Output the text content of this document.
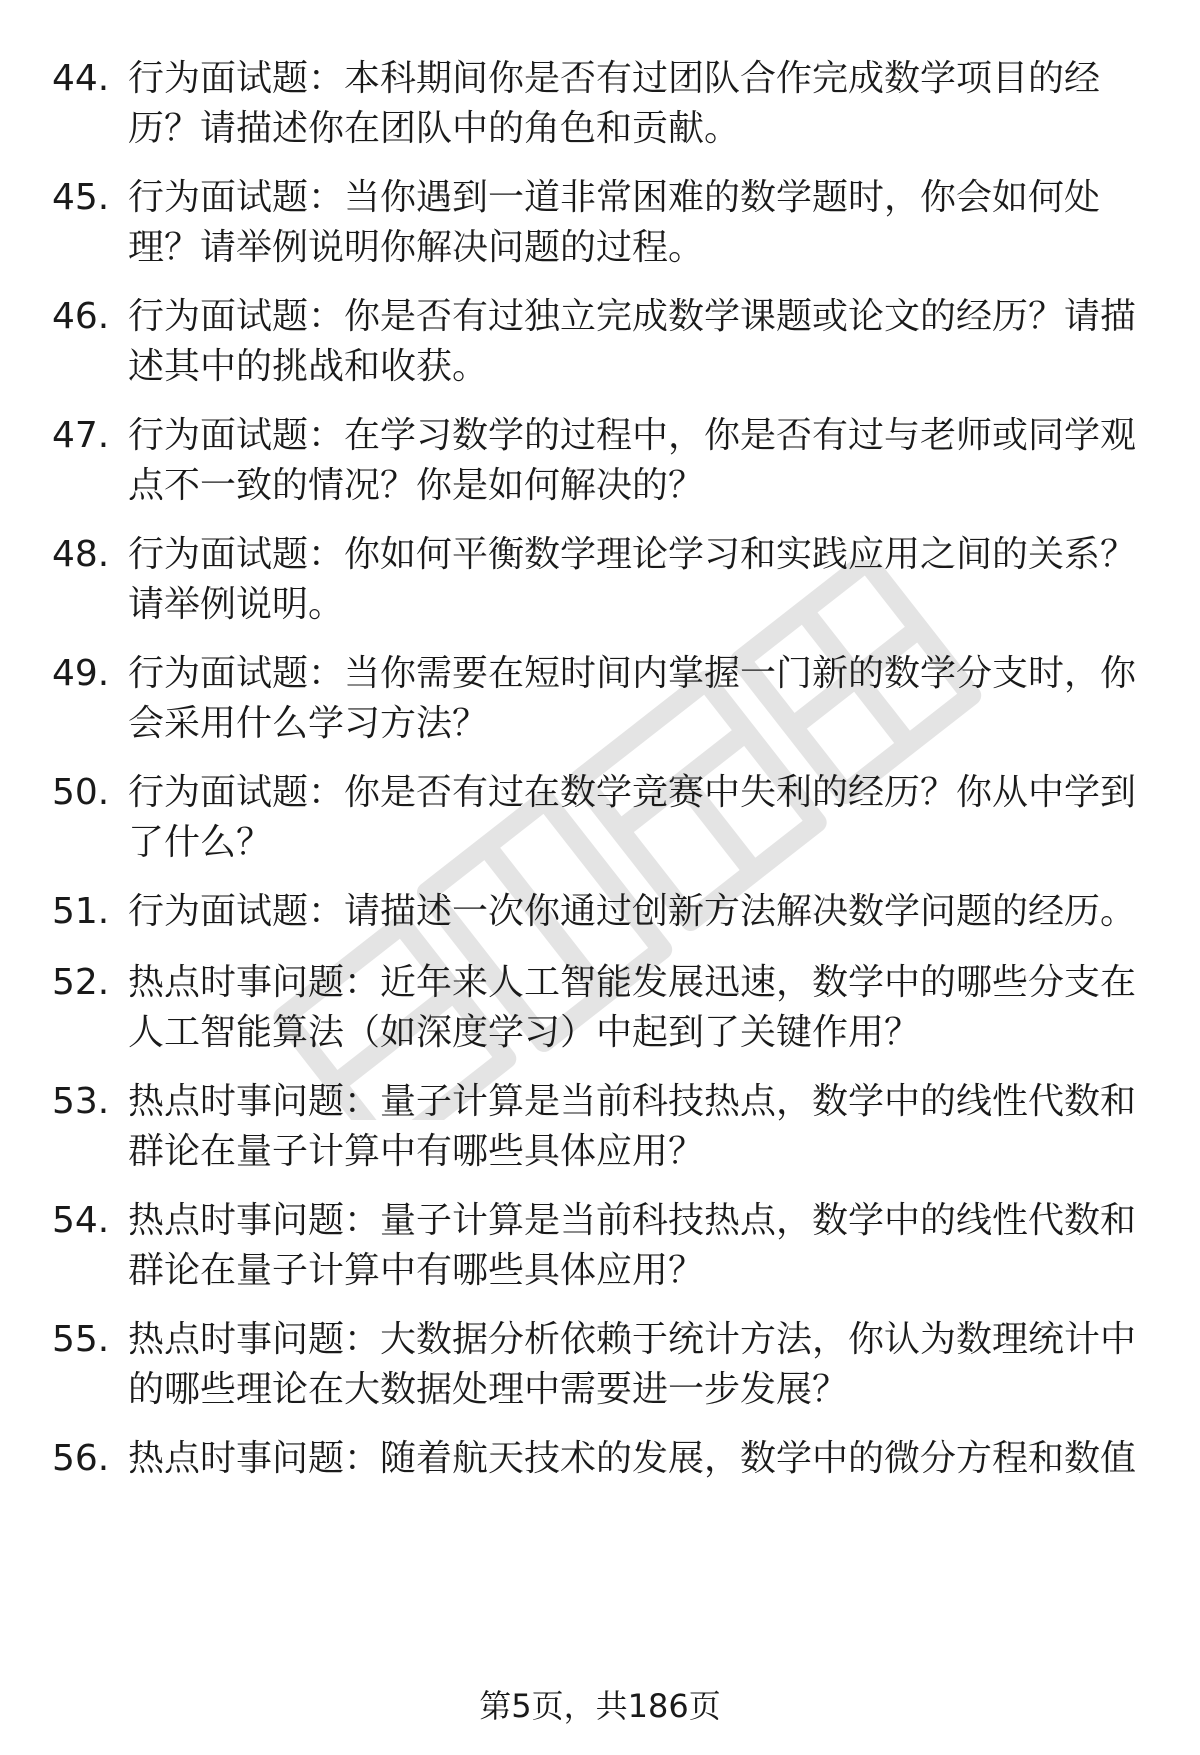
44. 行为面试题：本科期间你是否有过团队合作完成数学项目的经历？请描述你在团队中的角色和贡献。
45. 行为面试题：当你遇到一道非常困难的数学题时，你会如何处理？请举例说明你解决问题的过程。
46. 行为面试题：你是否有过独立完成数学课题或论文的经历？请描述其中的挑战和收获。
47. 行为面试题：在学习数学的过程中，你是否有过与老师或同学观点不一致的情况？你是如何解决的？
48. 行为面试题：你如何平衡数学理论学习和实践应用之间的关系？请举例说明。
49. 行为面试题：当你需要在短时间内掌握一门新的数学分支时，你会采用什么学习方法？
50. 行为面试题：你是否有过在数学竞赛中失利的经历？你从中学到了什么？
51. 行为面试题：请描述一次你通过创新方法解决数学问题的经历。
52. 热点时事问题：近年来人工智能发展迅速，数学中的哪些分支在人工智能算法（如深度学习）中起到了关键作用？
53. 热点时事问题：量子计算是当前科技热点，数学中的线性代数和群论在量子计算中有哪些具体应用？
54. 热点时事问题：量子计算是当前科技热点，数学中的线性代数和群论在量子计算中有哪些具体应用？
55. 热点时事问题：大数据分析依赖于统计方法，你认为数理统计中的哪些理论在大数据处理中需要进一步发展？
56. 热点时事问题：随着航天技术的发展，数学中的微分方程和数值
第5页，共186页
